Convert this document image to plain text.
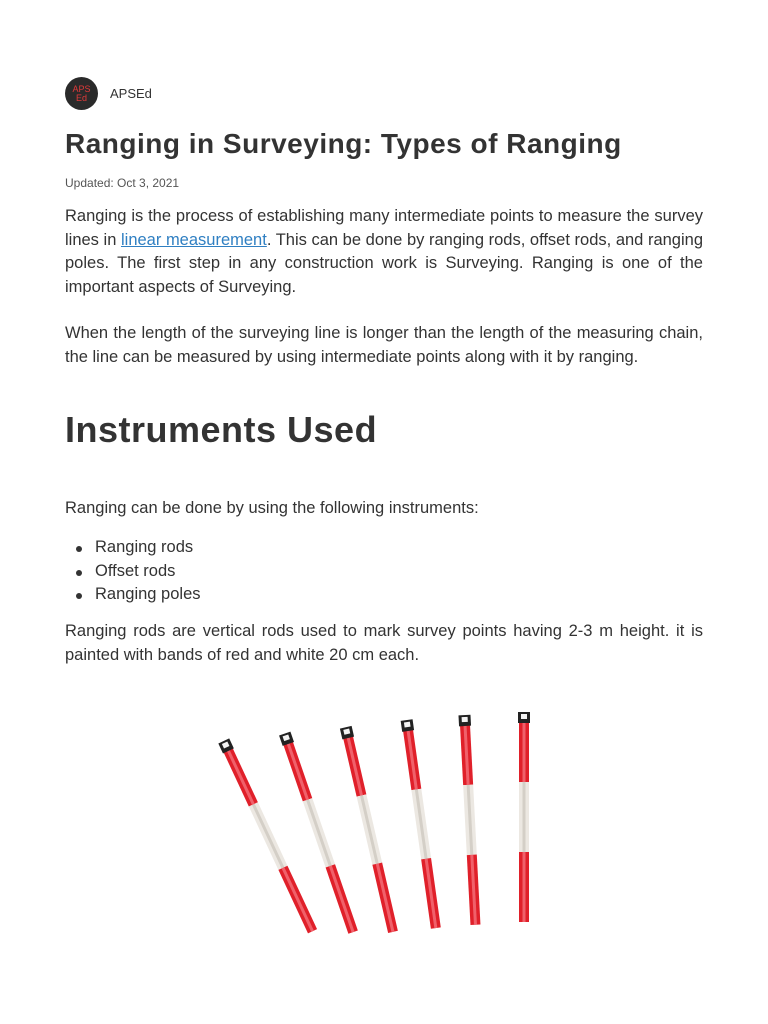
APS
Ed APSEd
Ranging in Surveying: Types of Ranging
Updated: Oct 3, 2021

Ranging is the process of establishing many intermediate points to measure the survey lines in linear measurement. This can be done by ranging rods, offset rods, and ranging poles. The first step in any construction work is Surveying. Ranging is one of the important aspects of Surveying.

When the length of the surveying line is longer than the length of the measuring chain, the line can be measured by using intermediate points along with it by ranging.

Instruments Used

Ranging can be done by using the following instruments:

Ranging rods
Offset rods
Ranging poles

Ranging rods are vertical rods used to mark survey points having 2-3 m height. it is painted with bands of red and white 20 cm each.
